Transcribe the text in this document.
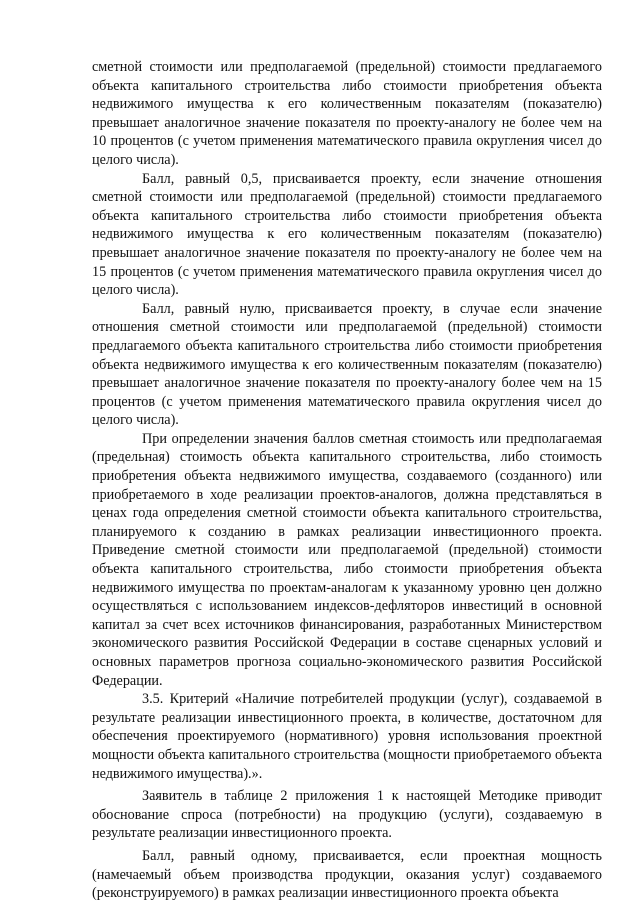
сметной стоимости или предполагаемой (предельной) стоимости предлагаемого объекта капитального строительства либо стоимости приобретения объекта недвижимого имущества к его количественным показателям (показателю) превышает аналогичное значение показателя по проекту-аналогу не более чем на 10 процентов (с учетом применения математического правила округления чисел до целого числа).

Балл, равный 0,5, присваивается проекту, если значение отношения сметной стоимости или предполагаемой (предельной) стоимости предлагаемого объекта капитального строительства либо стоимости приобретения объекта недвижимого имущества к его количественным показателям (показателю) превышает аналогичное значение показателя по проекту-аналогу не более чем на 15 процентов (с учетом применения математического правила округления чисел до целого числа).

Балл, равный нулю, присваивается проекту, в случае если значение отношения сметной стоимости или предполагаемой (предельной) стоимости предлагаемого объекта капитального строительства либо стоимости приобретения объекта недвижимого имущества к его количественным показателям (показателю) превышает аналогичное значение показателя по проекту-аналогу более чем на 15 процентов (с учетом применения математического правила округления чисел до целого числа).

При определении значения баллов сметная стоимость или предполагаемая (предельная) стоимость объекта капитального строительства, либо стоимость приобретения объекта недвижимого имущества, создаваемого (созданного) или приобретаемого в ходе реализации проектов-аналогов, должна представляться в ценах года определения сметной стоимости объекта капитального строительства, планируемого к созданию в рамках реализации инвестиционного проекта. Приведение сметной стоимости или предполагаемой (предельной) стоимости объекта капитального строительства, либо стоимости приобретения объекта недвижимого имущества по проектам-аналогам к указанному уровню цен должно осуществляться с использованием индексов-дефляторов инвестиций в основной капитал за счет всех источников финансирования, разработанных Министерством экономического развития Российской Федерации в составе сценарных условий и основных параметров прогноза социально-экономического развития Российской Федерации.

3.5. Критерий «Наличие потребителей продукции (услуг), создаваемой в результате реализации инвестиционного проекта, в количестве, достаточном для обеспечения проектируемого (нормативного) уровня использования проектной мощности объекта капитального строительства (мощности приобретаемого объекта недвижимого имущества).».

Заявитель в таблице 2 приложения 1 к настоящей Методике приводит обоснование спроса (потребности) на продукцию (услуги), создаваемую в результате реализации инвестиционного проекта.

Балл, равный одному, присваивается, если проектная мощность (намечаемый объем производства продукции, оказания услуг) создаваемого (реконструируемого) в рамках реализации инвестиционного проекта объекта
